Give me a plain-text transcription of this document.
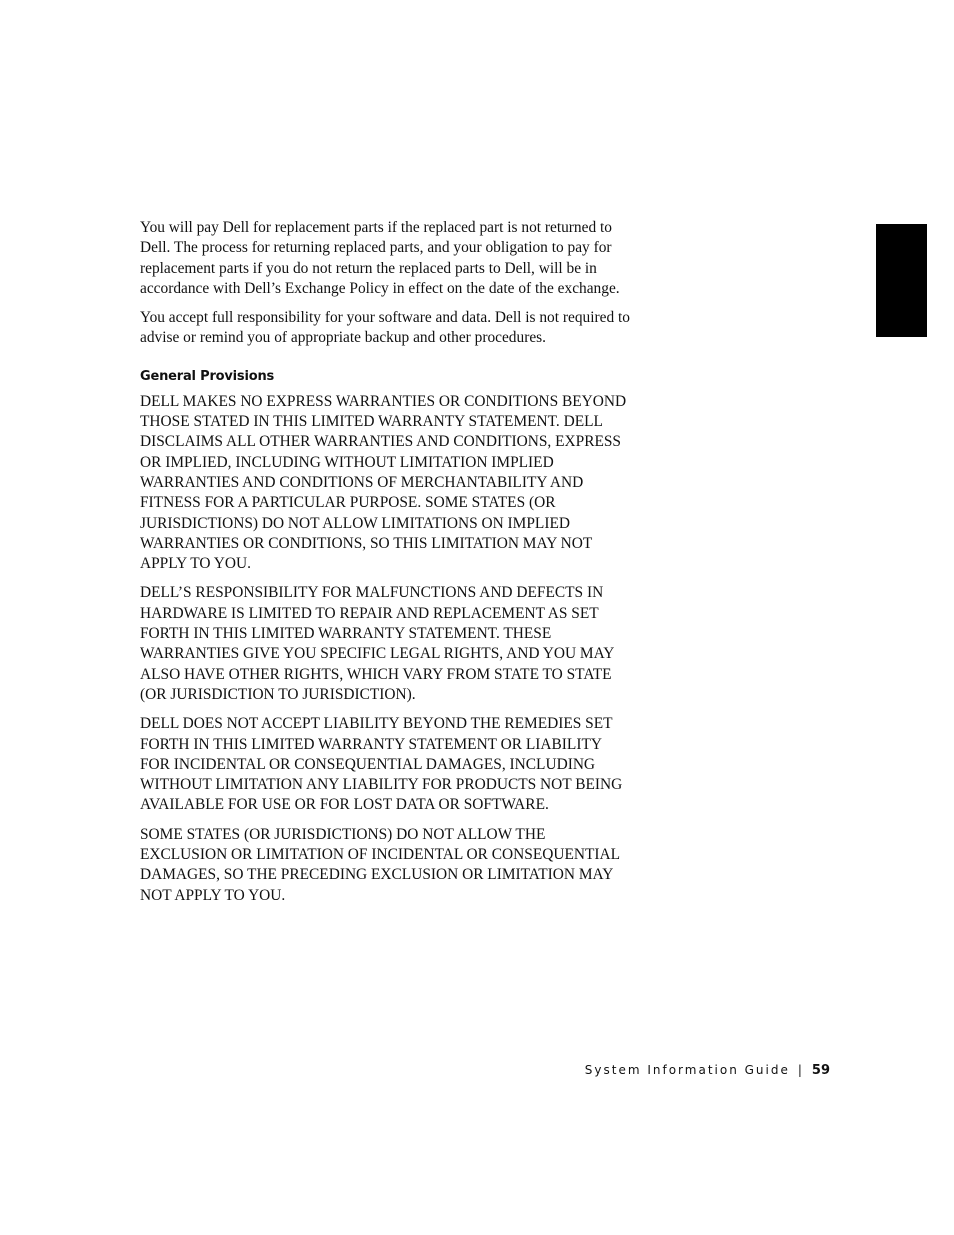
You will pay Dell for replacement parts if the replaced part is not returned to Dell. The process for returning replaced parts, and your obligation to pay for replacement parts if you do not return the replaced parts to Dell, will be in accordance with Dell’s Exchange Policy in effect on the date of the exchange.

You accept full responsibility for your software and data. Dell is not required to advise or remind you of appropriate backup and other procedures.

General Provisions

DELL MAKES NO EXPRESS WARRANTIES OR CONDITIONS BEYOND THOSE STATED IN THIS LIMITED WARRANTY STATEMENT. DELL DISCLAIMS ALL OTHER WARRANTIES AND CONDITIONS, EXPRESS OR IMPLIED, INCLUDING WITHOUT LIMITATION IMPLIED WARRANTIES AND CONDITIONS OF MERCHANTABILITY AND FITNESS FOR A PARTICULAR PURPOSE. SOME STATES (OR JURISDICTIONS) DO NOT ALLOW LIMITATIONS ON IMPLIED WARRANTIES OR CONDITIONS, SO THIS LIMITATION MAY NOT APPLY TO YOU.

DELL’S RESPONSIBILITY FOR MALFUNCTIONS AND DEFECTS IN HARDWARE IS LIMITED TO REPAIR AND REPLACEMENT AS SET FORTH IN THIS LIMITED WARRANTY STATEMENT. THESE WARRANTIES GIVE YOU SPECIFIC LEGAL RIGHTS, AND YOU MAY ALSO HAVE OTHER RIGHTS, WHICH VARY FROM STATE TO STATE (OR JURISDICTION TO JURISDICTION).

DELL DOES NOT ACCEPT LIABILITY BEYOND THE REMEDIES SET FORTH IN THIS LIMITED WARRANTY STATEMENT OR LIABILITY FOR INCIDENTAL OR CONSEQUENTIAL DAMAGES, INCLUDING WITHOUT LIMITATION ANY LIABILITY FOR PRODUCTS NOT BEING AVAILABLE FOR USE OR FOR LOST DATA OR SOFTWARE.

SOME STATES (OR JURISDICTIONS) DO NOT ALLOW THE EXCLUSION OR LIMITATION OF INCIDENTAL OR CONSEQUENTIAL DAMAGES, SO THE PRECEDING EXCLUSION OR LIMITATION MAY NOT APPLY TO YOU.

System Information Guide | 59
